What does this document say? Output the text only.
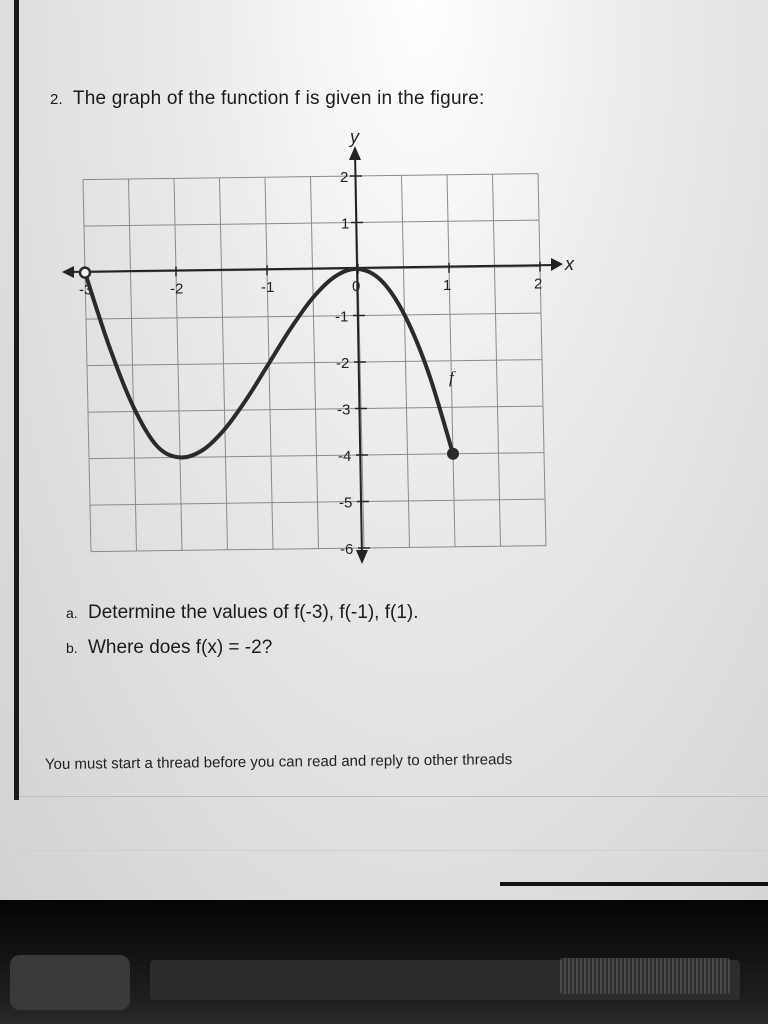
2. The graph of the function f is given in the figure:
x
y
-3	-2	-1	0	1	2
2
1
-1
-2
-3
-4
-5
-6
f
a. Determine the values of f(-3), f(-1), f(1).
b. Where does f(x) = -2?
You must start a thread before you can read and reply to other threads
